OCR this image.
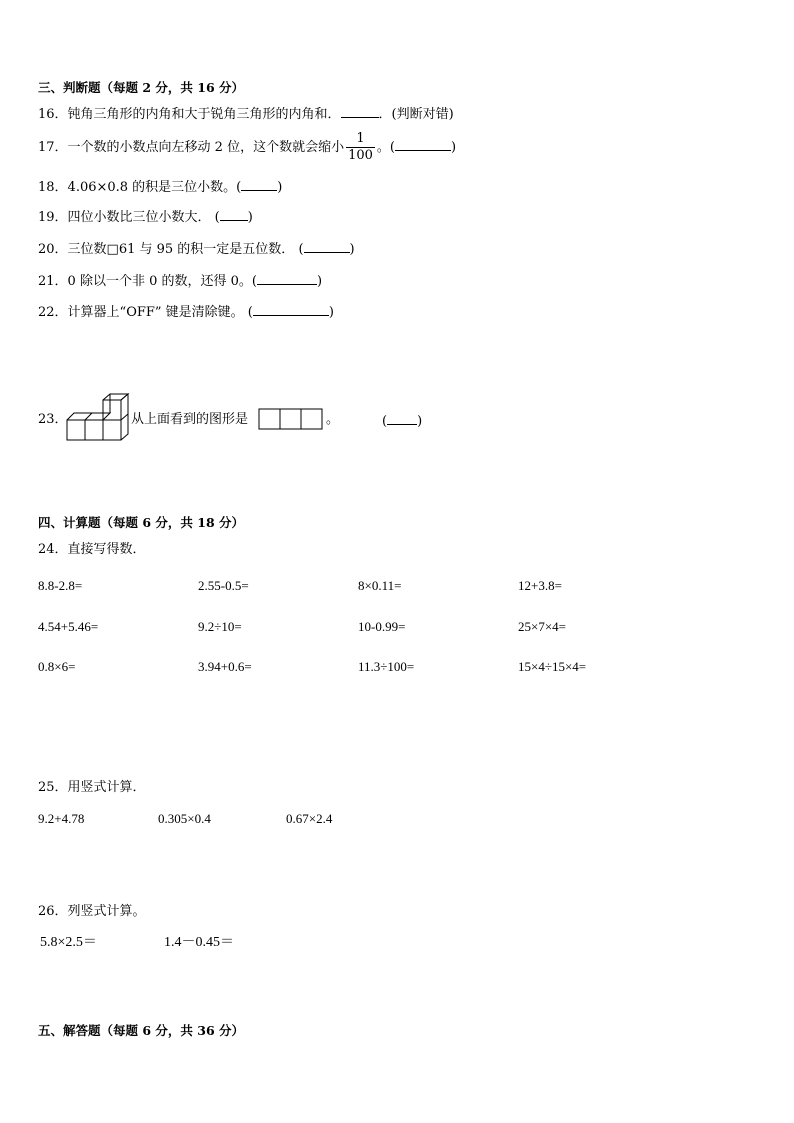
三、判断题（每题 2 分，共 16 分）
16．钝角三角形的内角和大于锐角三角形的内角和．	．(判断对错)
17．一个数的小数点向左移动 2 位，这个数就会缩小 $\frac{1}{100}$ 。(	)
18．4.06×0.8 的积是三位小数。(	)
19．四位小数比三位小数大． ( )
20．三位数□61 与 95 的积一定是五位数． (	)
21．0 除以一个非 0 的数，还得 0。(	)
22．计算器上“OFF” 键是清除键。 (	)
23．	从上面看到的图形是	。	( )
四、计算题（每题 6 分，共 18 分）
24．直接写得数．
8.8-2.8=	2.55-0.5=	8×0.11=	12+3.8=
4.54+5.46=	9.2÷10=	10-0.99=	25×7×4=
0.8×6=	3.94+0.6=	11.3÷100=	15×4÷15×4=
25．用竖式计算．
9.2+4.78	0.305×0.4	0.67×2.4
26．列竖式计算。
5.8×2.5＝	1.4－0.45＝
五、解答题（每题 6 分，共 36 分）
